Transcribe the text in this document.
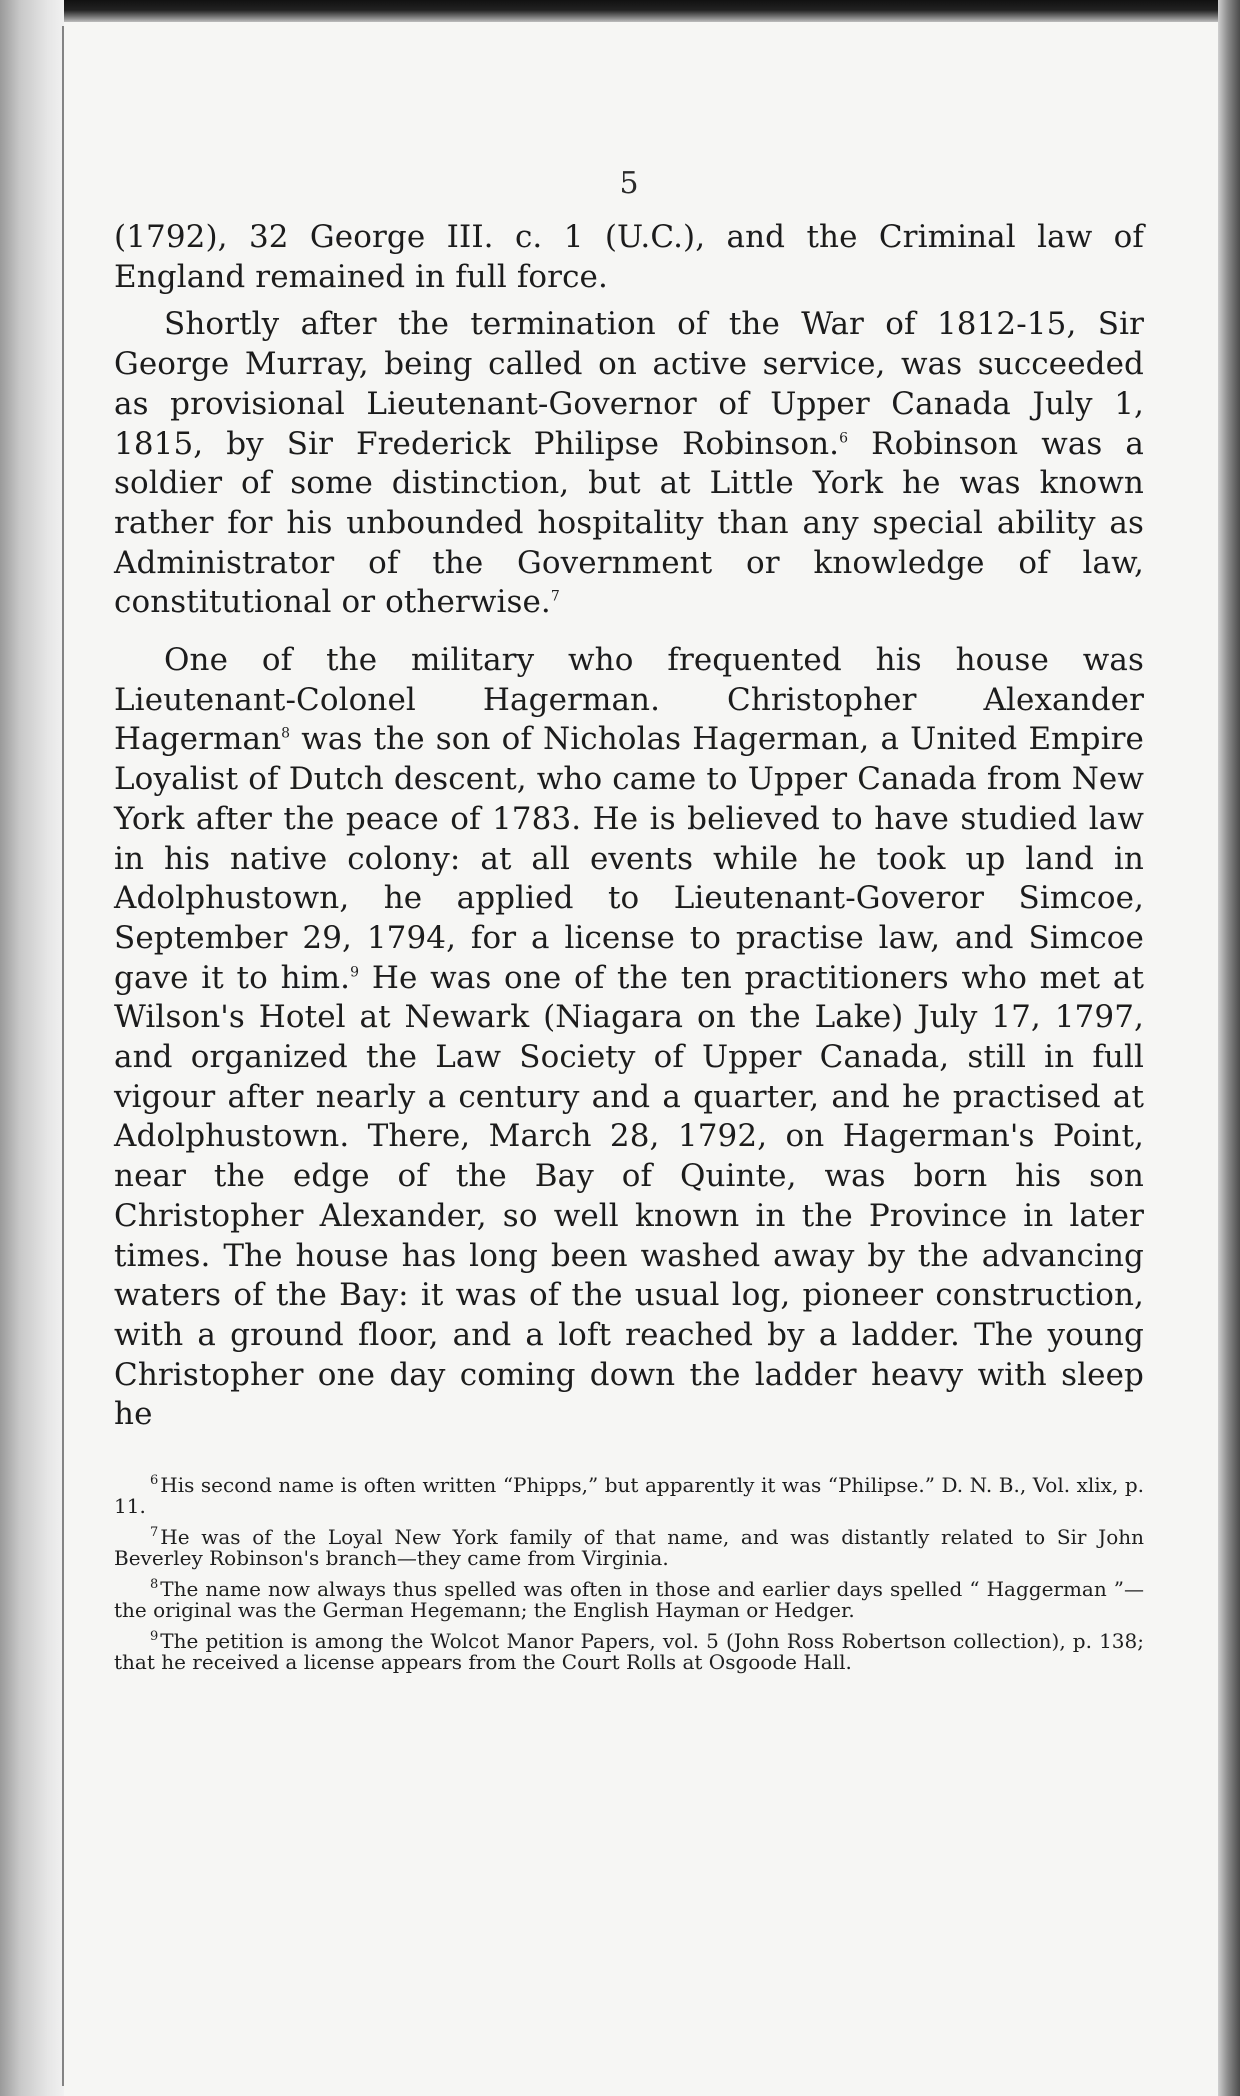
5

(1792), 32 George III. c. 1 (U.C.), and the Criminal law of England remained in full force.

Shortly after the termination of the War of 1812-15, Sir George Murray, being called on active service, was succeeded as provisional Lieutenant-Governor of Upper Canada July 1, 1815, by Sir Frederick Philipse Robinson.$^6$ Robinson was a soldier of some distinction, but at Little York he was known rather for his unbounded hospitality than any special ability as Administrator of the Government or knowledge of law, constitutional or otherwise.$^7$

One of the military who frequented his house was Lieutenant-Colonel Hagerman. Christopher Alexander Hagerman$^8$ was the son of Nicholas Hagerman, a United Empire Loyalist of Dutch descent, who came to Upper Canada from New York after the peace of 1783. He is believed to have studied law in his native colony: at all events while he took up land in Adolphustown, he applied to Lieutenant-Goveror Simcoe, September 29, 1794, for a license to practise law, and Simcoe gave it to him.$^9$ He was one of the ten practitioners who met at Wilson's Hotel at Newark (Niagara on the Lake) July 17, 1797, and organized the Law Society of Upper Canada, still in full vigour after nearly a century and a quarter, and he practised at Adolphustown. There, March 28, 1792, on Hagerman's Point, near the edge of the Bay of Quinte, was born his son Christopher Alexander, so well known in the Province in later times. The house has long been washed away by the advancing waters of the Bay: it was of the usual log, pioneer construction, with a ground floor, and a loft reached by a ladder. The young Christopher one day coming down the ladder heavy with sleep he

$^6$ His second name is often written “Phipps,” but apparently it was “Philipse.” D. N. B., Vol. xlix, p. 11.

$^7$ He was of the Loyal New York family of that name, and was distantly related to Sir John Beverley Robinson's branch—they came from Virginia.

$^8$ The name now always thus spelled was often in those and earlier days spelled “ Haggerman ”—the original was the German Hegemann; the English Hayman or Hedger.

$^9$ The petition is among the Wolcot Manor Papers, vol. 5 (John Ross Robertson collection), p. 138; that he received a license appears from the Court Rolls at Osgoode Hall.
